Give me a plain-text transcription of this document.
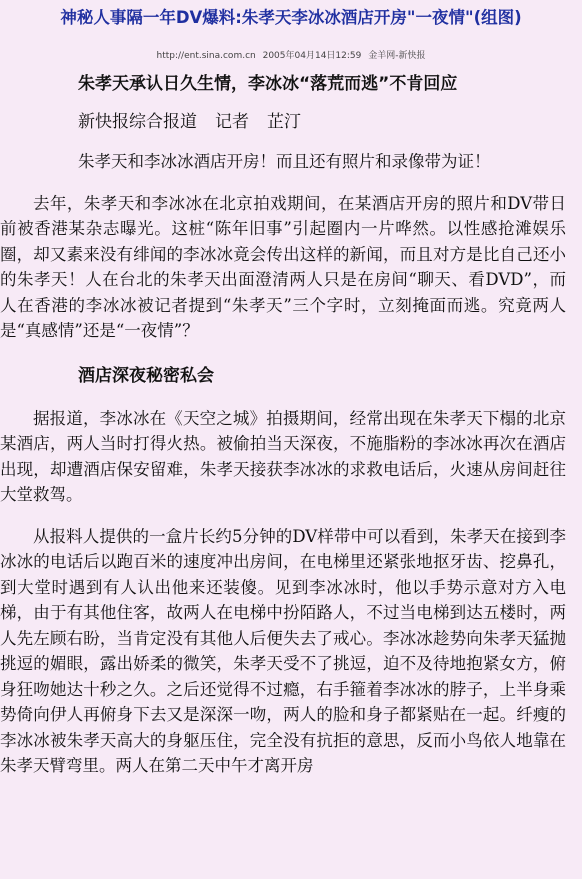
神秘人事隔一年DV爆料:朱孝天李冰冰酒店开房"一夜情"(组图)
http://ent.sina.com.cn 2005年04月14日12:59 金羊网-新快报

朱孝天承认日久生情，李冰冰“落荒而逃”不肯回应

新快报综合报道 记者 芷汀

朱孝天和李冰冰酒店开房！而且还有照片和录像带为证！

去年，朱孝天和李冰冰在北京拍戏期间，在某酒店开房的照片和DV带日前被香港某杂志曝光。这桩“陈年旧事”引起圈内一片哗然。以性感抢滩娱乐圈，却又素来没有绯闻的李冰冰竟会传出这样的新闻，而且对方是比自己还小的朱孝天！人在台北的朱孝天出面澄清两人只是在房间“聊天、看DVD”，而人在香港的李冰冰被记者提到“朱孝天”三个字时，立刻掩面而逃。究竟两人是“真感情”还是“一夜情”？

酒店深夜秘密私会

据报道，李冰冰在《天空之城》拍摄期间，经常出现在朱孝天下榻的北京某酒店，两人当时打得火热。被偷拍当天深夜，不施脂粉的李冰冰再次在酒店出现，却遭酒店保安留难，朱孝天接获李冰冰的求救电话后，火速从房间赶往大堂救驾。

从报料人提供的一盒片长约5分钟的DV样带中可以看到，朱孝天在接到李冰冰的电话后以跑百米的速度冲出房间，在电梯里还紧张地抠牙齿、挖鼻孔，到大堂时遇到有人认出他来还装傻。见到李冰冰时，他以手势示意对方入电梯，由于有其他住客，故两人在电梯中扮陌路人，不过当电梯到达五楼时，两人先左顾右盼，当肯定没有其他人后便失去了戒心。李冰冰趁势向朱孝天猛抛挑逗的媚眼，露出娇柔的微笑，朱孝天受不了挑逗，迫不及待地抱紧女方，俯身狂吻她达十秒之久。之后还觉得不过瘾，右手箍着李冰冰的脖子，上半身乘势倚向伊人再俯身下去又是深深一吻，两人的脸和身子都紧贴在一起。纤瘦的李冰冰被朱孝天高大的身躯压住，完全没有抗拒的意思，反而小鸟依人地靠在朱孝天臂弯里。两人在第二天中午才离开房
